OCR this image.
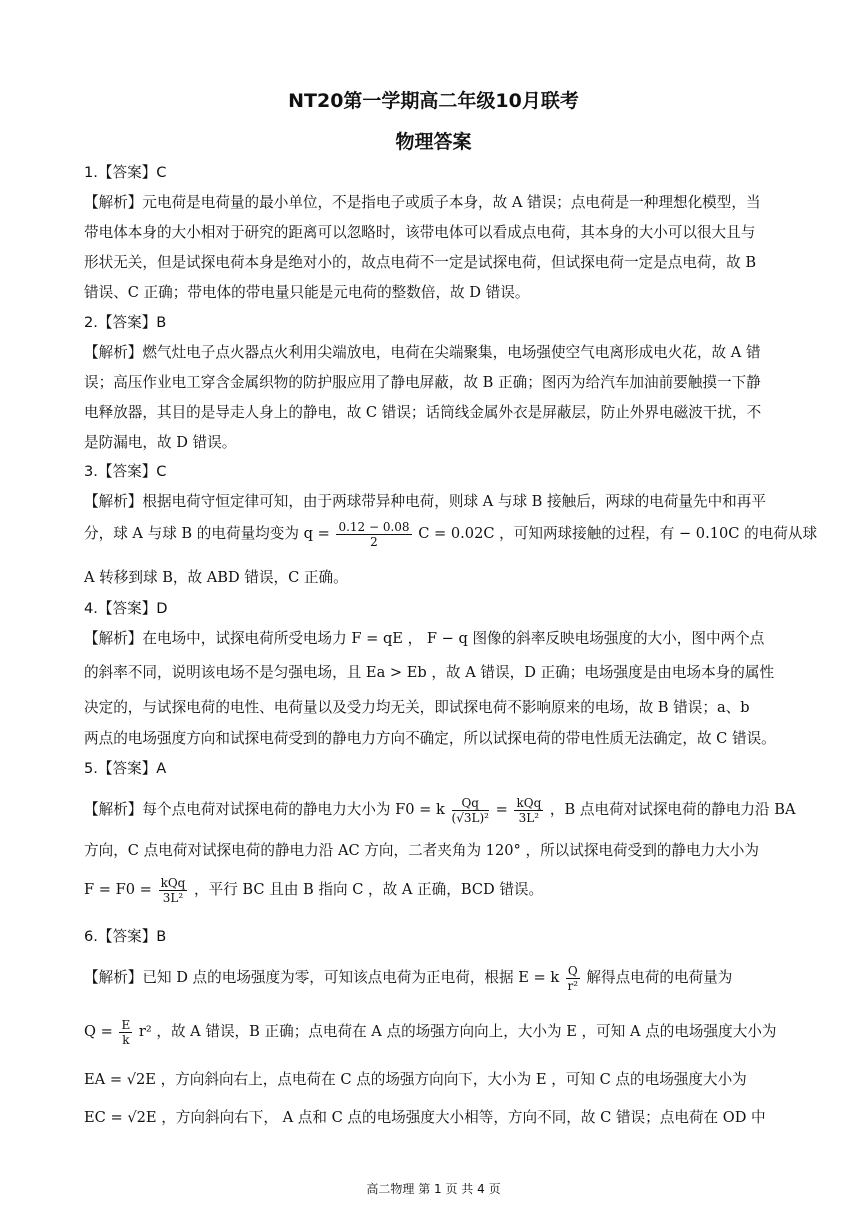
NT20第一学期高二年级10月联考
物理答案
1.【答案】C
【解析】元电荷是电荷量的最小单位，不是指电子或质子本身，故 A 错误；点电荷是一种理想化模型，当
带电体本身的大小相对于研究的距离可以忽略时，该带电体可以看成点电荷，其本身的大小可以很大且与
形状无关，但是试探电荷本身是绝对小的，故点电荷不一定是试探电荷，但试探电荷一定是点电荷，故 B
错误、C 正确；带电体的带电量只能是元电荷的整数倍，故 D 错误。
2.【答案】B
【解析】燃气灶电子点火器点火利用尖端放电，电荷在尖端聚集，电场强使空气电离形成电火花，故 A 错
误；高压作业电工穿含金属织物的防护服应用了静电屏蔽，故 B 正确；图丙为给汽车加油前要触摸一下静
电释放器，其目的是导走人身上的静电，故 C 错误；话筒线金属外衣是屏蔽层，防止外界电磁波干扰，不
是防漏电，故 D 错误。
3.【答案】C
【解析】根据电荷守恒定律可知，由于两球带异种电荷，则球 A 与球 B 接触后，两球的电荷量先中和再平
分，球 A 与球 B 的电荷量均变为 $q = \frac{0.12 - 0.08}{2}$ C = 0.02C ，可知两球接触的过程，有 − 0.10C 的电荷从球
A 转移到球 B，故 ABD 错误，C 正确。
4.【答案】D
【解析】在电场中，试探电荷所受电场力 F = qE ， F − q 图像的斜率反映电场强度的大小，图中两个点
的斜率不同，说明该电场不是匀强电场，且 Ea > Eb ，故 A 错误，D 正确；电场强度是由电场本身的属性
决定的，与试探电荷的电性、电荷量以及受力均无关，即试探电荷不影响原来的电场，故 B 错误；a、b
两点的电场强度方向和试探电荷受到的静电力方向不确定，所以试探电荷的带电性质无法确定，故 C 错误。
5.【答案】A
【解析】每个点电荷对试探电荷的静电力大小为 F0 = k $\frac{Qq}{\text{(√3L)²}} = \frac{\text{kQq}}{\text{3L²}}$ ，B 点电荷对试探电荷的静电力沿 BA
方向，C 点电荷对试探电荷的静电力沿 AC 方向，二者夹角为 120° ，所以试探电荷受到的静电力大小为
$F = F0 = \frac{\text{kQq}}{\text{3L²}}$ ，平行 BC 且由 B 指向 C ，故 A 正确，BCD 错误。
6.【答案】B
【解析】已知 D 点的电场强度为零，可知该点电荷为正电荷，根据 E = k $\frac{Q}{\text{r²}}$ 解得点电荷的电荷量为
$Q = \frac{E}{k} r^2$ ，故 A 错误，B 正确；点电荷在 A 点的场强方向向上，大小为 E ，可知 A 点的电场强度大小为
EA = √2E ，方向斜向右上，点电荷在 C 点的场强方向向下，大小为 E ，可知 C 点的电场强度大小为
EC = √2E ，方向斜向右下， A 点和 C 点的电场强度大小相等，方向不同，故 C 错误；点电荷在 OD 中
高二物理 第 1 页 共 4 页
